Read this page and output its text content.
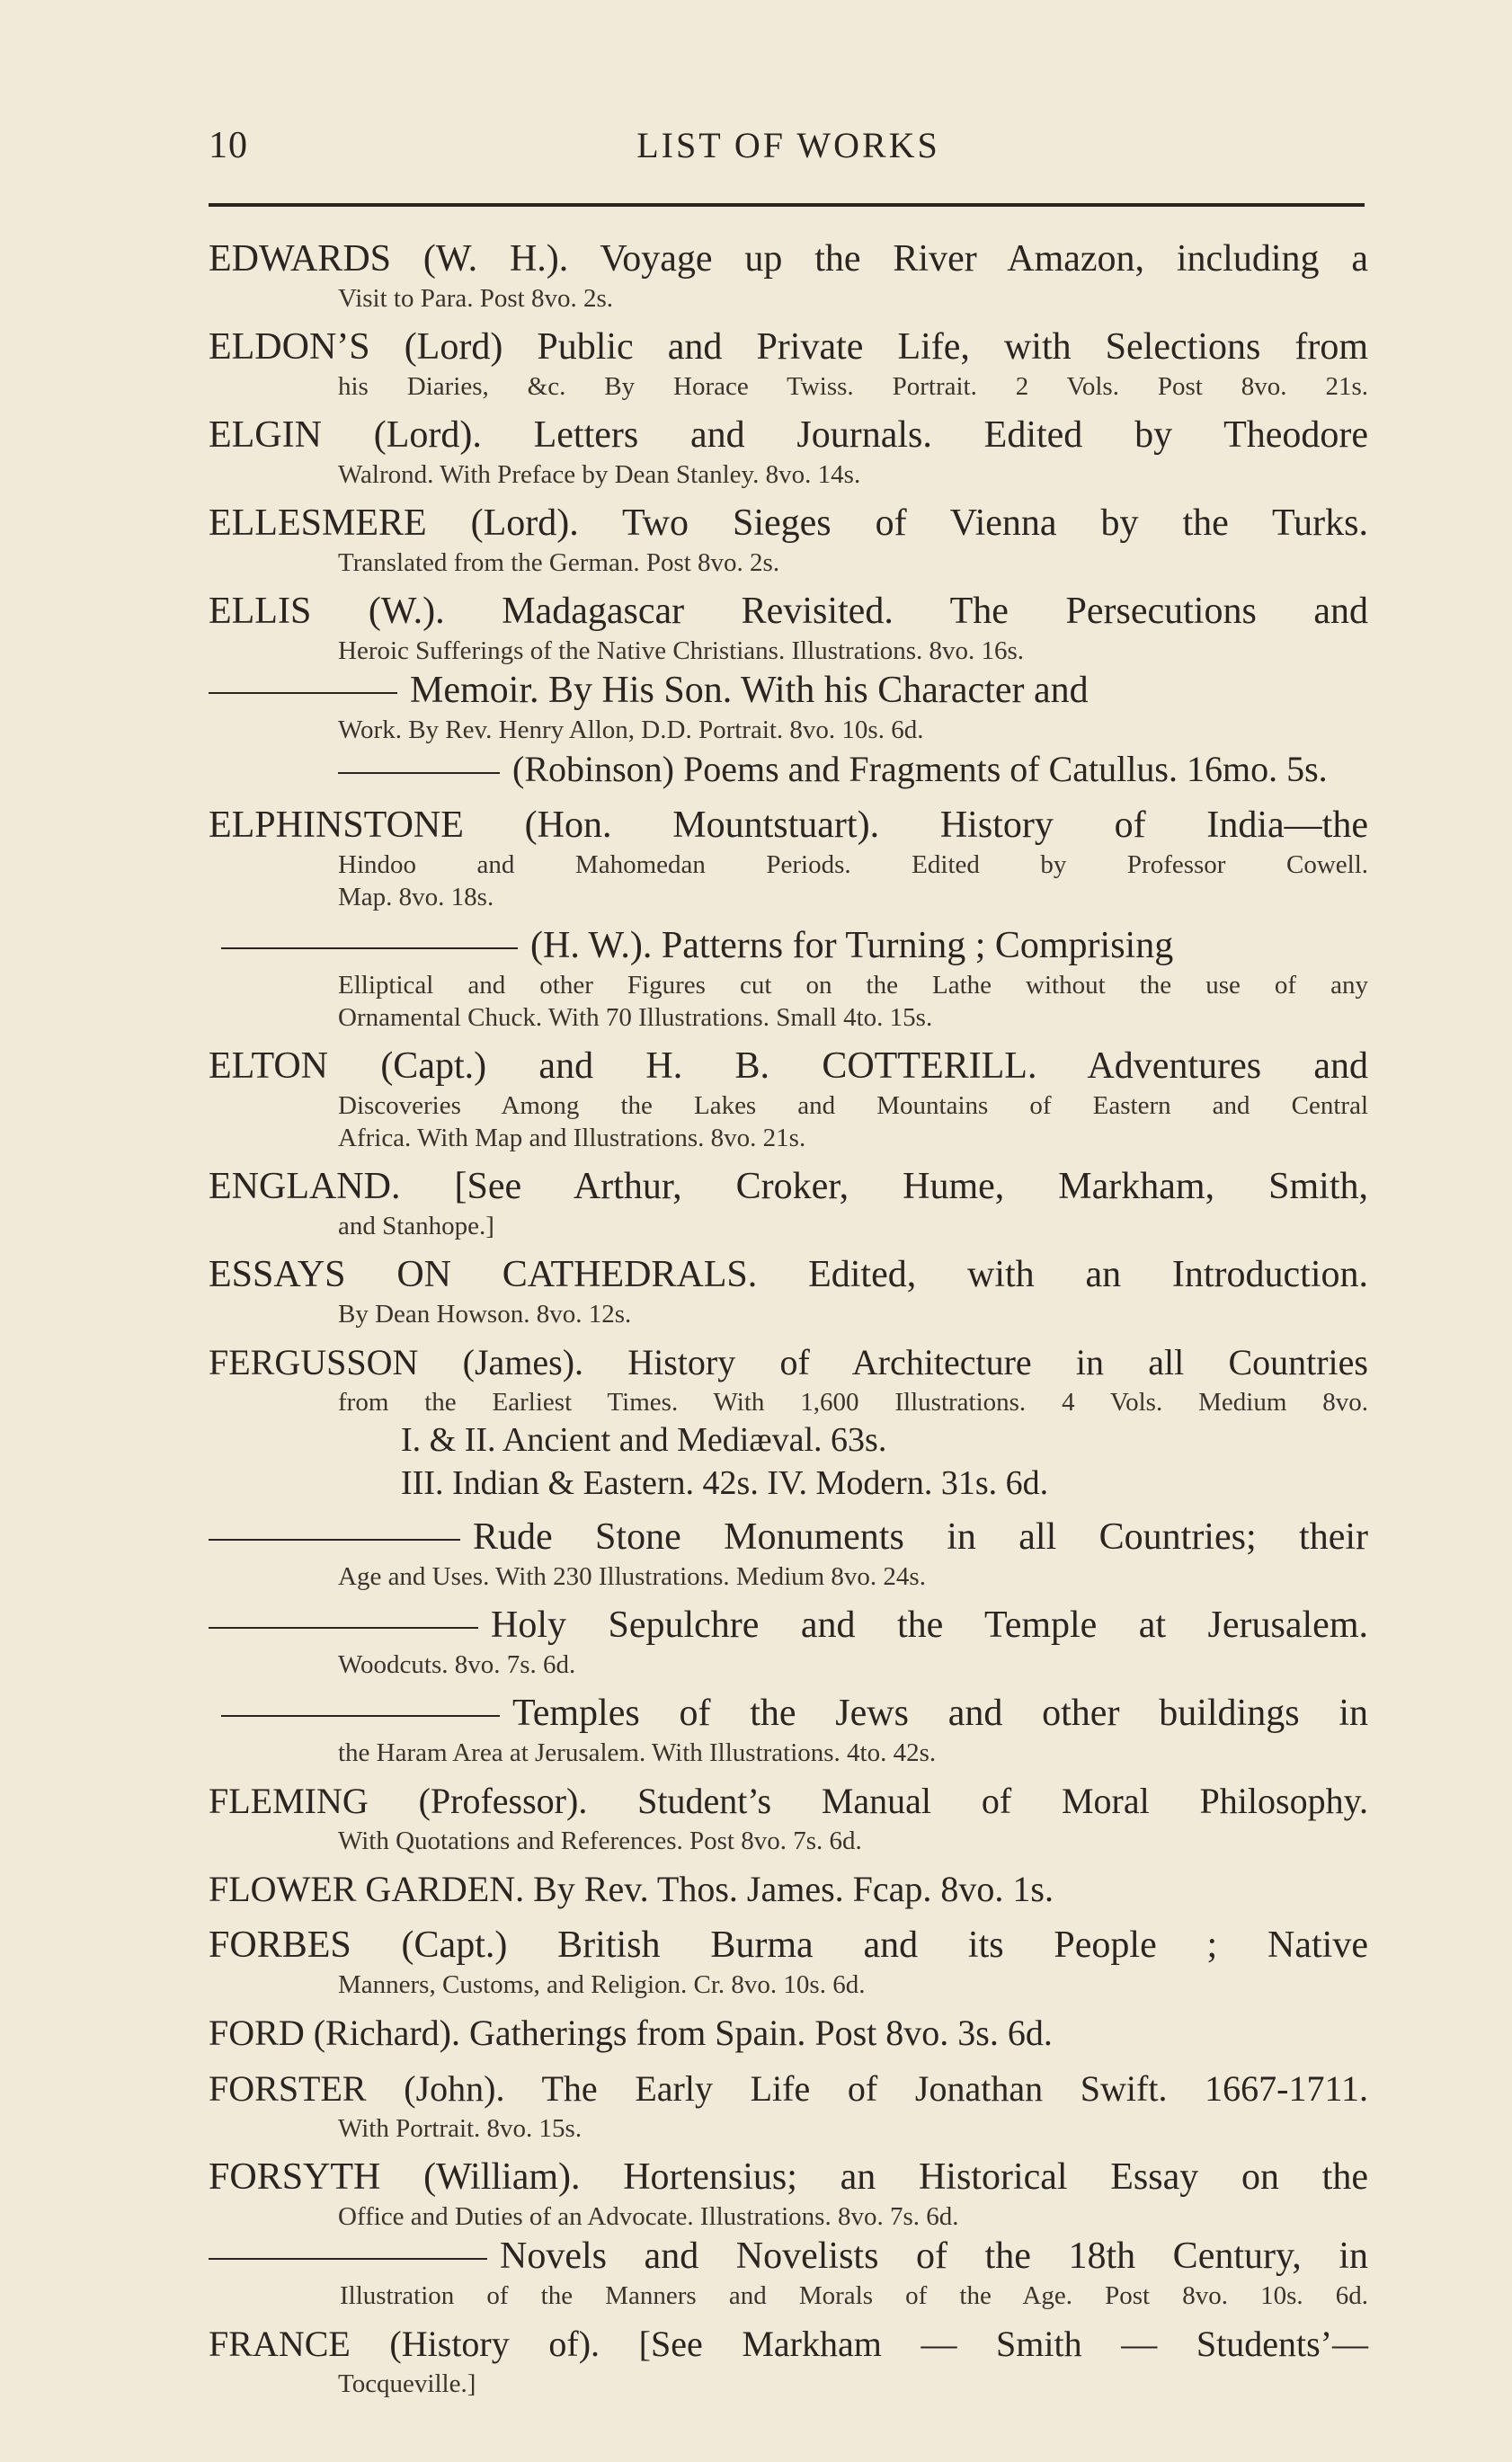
10	LIST OF WORKS
EDWARDS (W. H.). Voyage up the River Amazon, including a
Visit to Para. Post 8vo. 2s.
ELDON’S (Lord) Public and Private Life, with Selections from
his Diaries, &c. By Horace Twiss. Portrait. 2 Vols. Post 8vo. 21s.
ELGIN (Lord). Letters and Journals. Edited by Theodore
Walrond. With Preface by Dean Stanley. 8vo. 14s.
ELLESMERE (Lord). Two Sieges of Vienna by the Turks.
Translated from the German. Post 8vo. 2s.
ELLIS (W.). Madagascar Revisited. The Persecutions and
Heroic Sufferings of the Native Christians. Illustrations. 8vo. 16s.
Memoir. By His Son. With his Character and
Work. By Rev. Henry Allon, D.D. Portrait. 8vo. 10s. 6d.
(Robinson) Poems and Fragments of Catullus. 16mo. 5s.
ELPHINSTONE (Hon. Mountstuart). History of India—the
Hindoo and Mahomedan Periods. Edited by Professor Cowell.
Map. 8vo. 18s.
(H. W.). Patterns for Turning ; Comprising
Elliptical and other Figures cut on the Lathe without the use of any
Ornamental Chuck. With 70 Illustrations. Small 4to. 15s.
ELTON (Capt.) and H. B. COTTERILL. Adventures and
Discoveries Among the Lakes and Mountains of Eastern and Central
Africa. With Map and Illustrations. 8vo. 21s.
ENGLAND. [See Arthur, Croker, Hume, Markham, Smith,
and Stanhope.]
ESSAYS ON CATHEDRALS. Edited, with an Introduction.
By Dean Howson. 8vo. 12s.
FERGUSSON (James). History of Architecture in all Countries
from the Earliest Times. With 1,600 Illustrations. 4 Vols. Medium 8vo.
I. & II. Ancient and Mediæval. 63s.
III. Indian & Eastern. 42s. IV. Modern. 31s. 6d.
Rude Stone Monuments in all Countries; their
Age and Uses. With 230 Illustrations. Medium 8vo. 24s.
Holy Sepulchre and the Temple at Jerusalem.
Woodcuts. 8vo. 7s. 6d.
Temples of the Jews and other buildings in
the Haram Area at Jerusalem. With Illustrations. 4to. 42s.
FLEMING (Professor). Student’s Manual of Moral Philosophy.
With Quotations and References. Post 8vo. 7s. 6d.
FLOWER GARDEN. By Rev. Thos. James. Fcap. 8vo. 1s.
FORBES (Capt.) British Burma and its People ; Native
Manners, Customs, and Religion. Cr. 8vo. 10s. 6d.
FORD (Richard). Gatherings from Spain. Post 8vo. 3s. 6d.
FORSTER (John). The Early Life of Jonathan Swift. 1667-1711.
With Portrait. 8vo. 15s.
FORSYTH (William). Hortensius; an Historical Essay on the
Office and Duties of an Advocate. Illustrations. 8vo. 7s. 6d.
Novels and Novelists of the 18th Century, in
Illustration of the Manners and Morals of the Age. Post 8vo. 10s. 6d.
FRANCE (History of). [See Markham — Smith — Students’—
Tocqueville.]
